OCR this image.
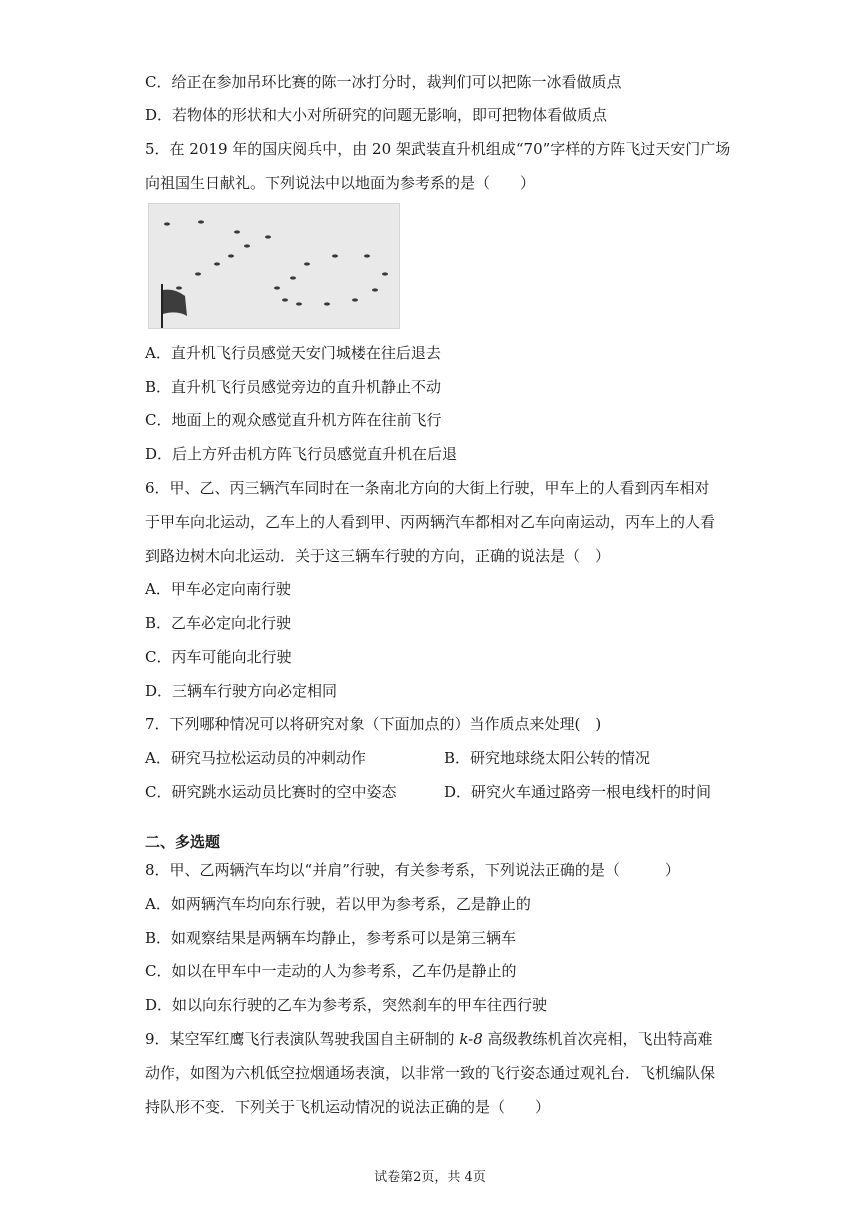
C．给正在参加吊环比赛的陈一冰打分时，裁判们可以把陈一冰看做质点
D．若物体的形状和大小对所研究的问题无影响，即可把物体看做质点
5．在 2019 年的国庆阅兵中，由 20 架武装直升机组成“70”字样的方阵飞过天安门广场
向祖国生日献礼。下列说法中以地面为参考系的是（　　）
A．直升机飞行员感觉天安门城楼在往后退去
B．直升机飞行员感觉旁边的直升机静止不动
C．地面上的观众感觉直升机方阵在往前飞行
D．后上方歼击机方阵飞行员感觉直升机在后退
6．甲、乙、丙三辆汽车同时在一条南北方向的大街上行驶，甲车上的人看到丙车相对
于甲车向北运动，乙车上的人看到甲、丙两辆汽车都相对乙车向南运动，丙车上的人看
到路边树木向北运动．关于这三辆车行驶的方向，正确的说法是（　）
A．甲车必定向南行驶
B．乙车必定向北行驶
C．丙车可能向北行驶
D．三辆车行驶方向必定相同
7．下列哪种情况可以将研究对象（下面加点的）当作质点来处理(　)
A．研究马拉松运动员的冲刺动作	B．研究地球绕太阳公转的情况
C．研究跳水运动员比赛时的空中姿态	D．研究火车通过路旁一根电线杆的时间
二、多选题
8．甲、乙两辆汽车均以“并肩”行驶，有关参考系，下列说法正确的是（　　　）
A．如两辆汽车均向东行驶，若以甲为参考系，乙是静止的
B．如观察结果是两辆车均静止，参考系可以是第三辆车
C．如以在甲车中一走动的人为参考系，乙车仍是静止的
D．如以向东行驶的乙车为参考系，突然刹车的甲车往西行驶
9．某空军红鹰飞行表演队驾驶我国自主研制的 k-8 高级教练机首次亮相，飞出特高难
动作，如图为六机低空拉烟通场表演，以非常一致的飞行姿态通过观礼台．飞机编队保
持队形不变．下列关于飞机运动情况的说法正确的是（　　）
试卷第2页，共 4页
